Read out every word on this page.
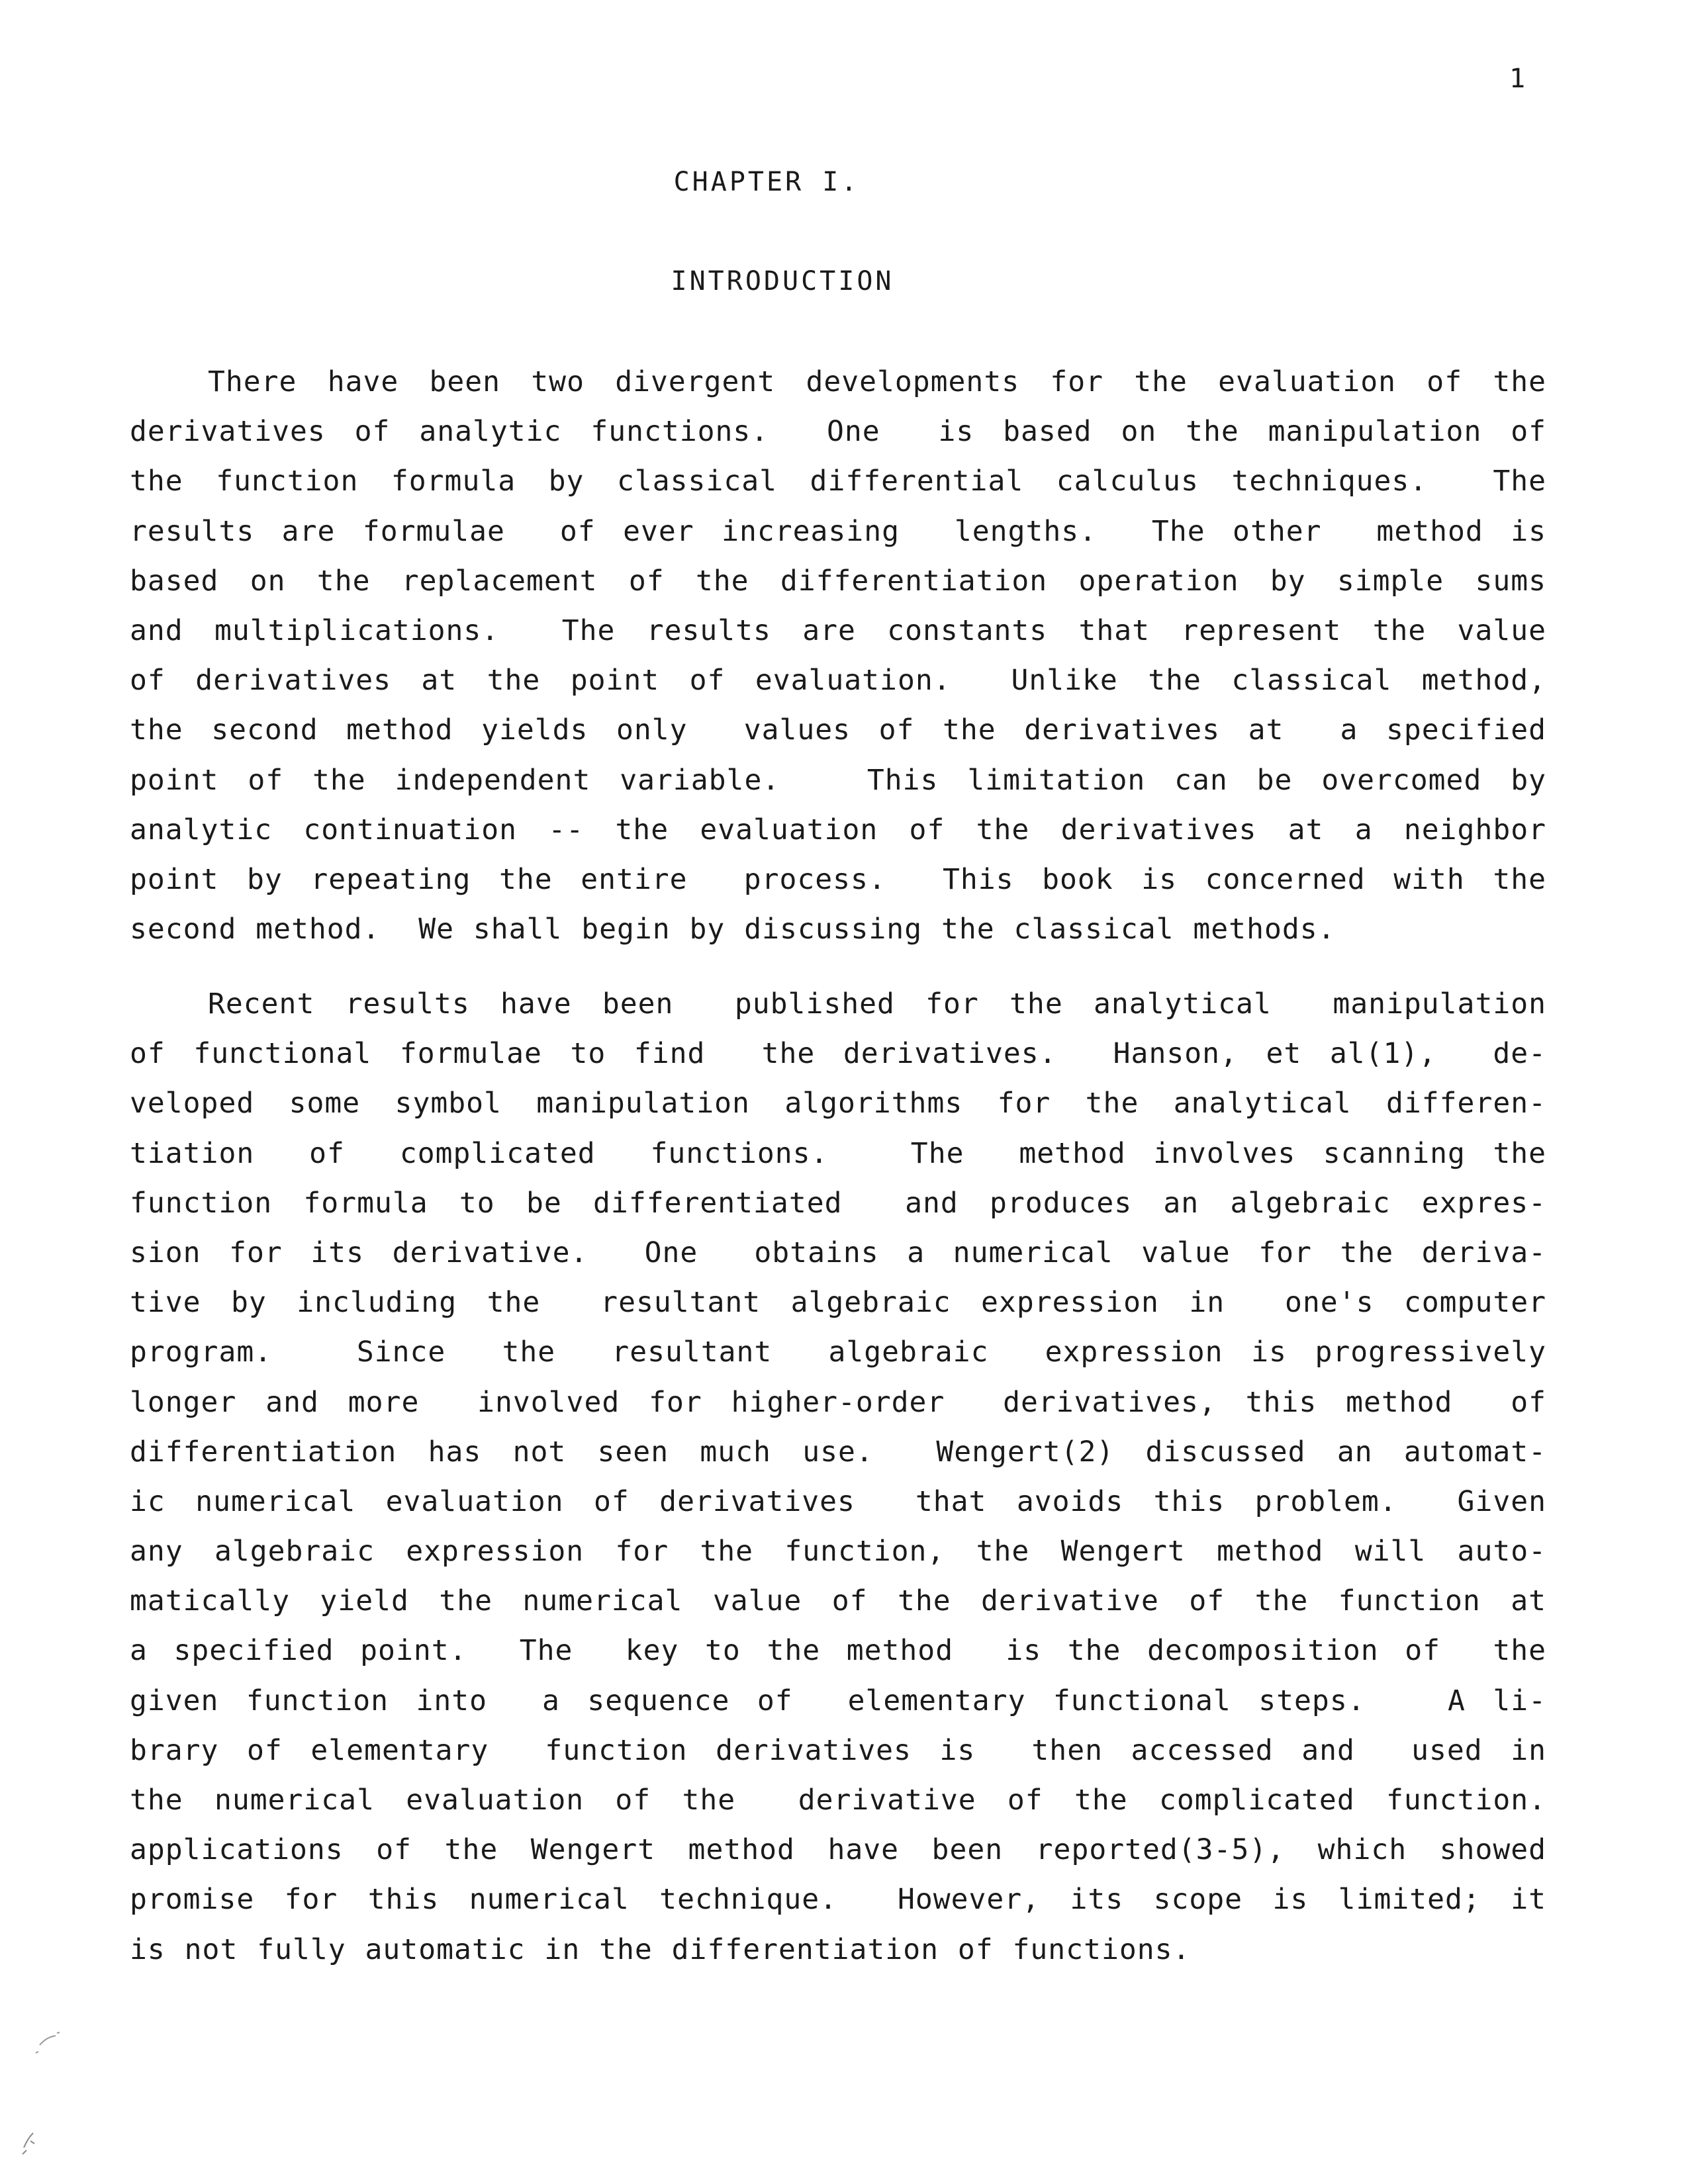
1
CHAPTER I.
INTRODUCTION
There have been two divergent developments for the evaluation of the
derivatives of analytic functions.  One  is based on the manipulation of
the function formula by classical differential calculus techniques.  The
results are formulae  of ever increasing  lengths.  The other  method is
based on the replacement of the differentiation operation by simple sums
and multiplications.  The results are constants that represent the value
of derivatives at the point of evaluation.  Unlike the classical method,
the second method yields only  values of the derivatives at  a specified
point of the independent variable.   This limitation can be overcomed by
analytic continuation -- the evaluation of the derivatives at a neighbor
point by repeating the entire  process.  This book is concerned with the
second method.  We shall begin by discussing the classical methods.
Recent results have been  published for the analytical  manipulation
of functional formulae to find  the derivatives.  Hanson, et al(1),  de-
veloped some symbol manipulation algorithms for the analytical differen-
tiation  of  complicated  functions.   The  method involves scanning the
function formula to be differentiated  and produces an algebraic expres-
sion for its derivative.  One  obtains a numerical value for the deriva-
tive by including the  resultant algebraic expression in  one's computer
program.   Since  the  resultant  algebraic  expression is progressively
longer and more  involved for higher-order  derivatives, this method  of
differentiation has not seen much use.  Wengert(2) discussed an automat-
ic numerical evaluation of derivatives  that avoids this problem.  Given
any algebraic expression for the function, the Wengert method will auto-
matically yield the numerical value of the derivative of the function at
a specified point.  The  key to the method  is the decomposition of  the
given function into  a sequence of  elementary functional steps.   A li-
brary of elementary  function derivatives is  then accessed and  used in
the numerical evaluation of the  derivative of the complicated function.
applications of the Wengert method have been reported(3-5), which showed
promise for this numerical technique.  However, its scope is limited; it
is not fully automatic in the differentiation of functions.
